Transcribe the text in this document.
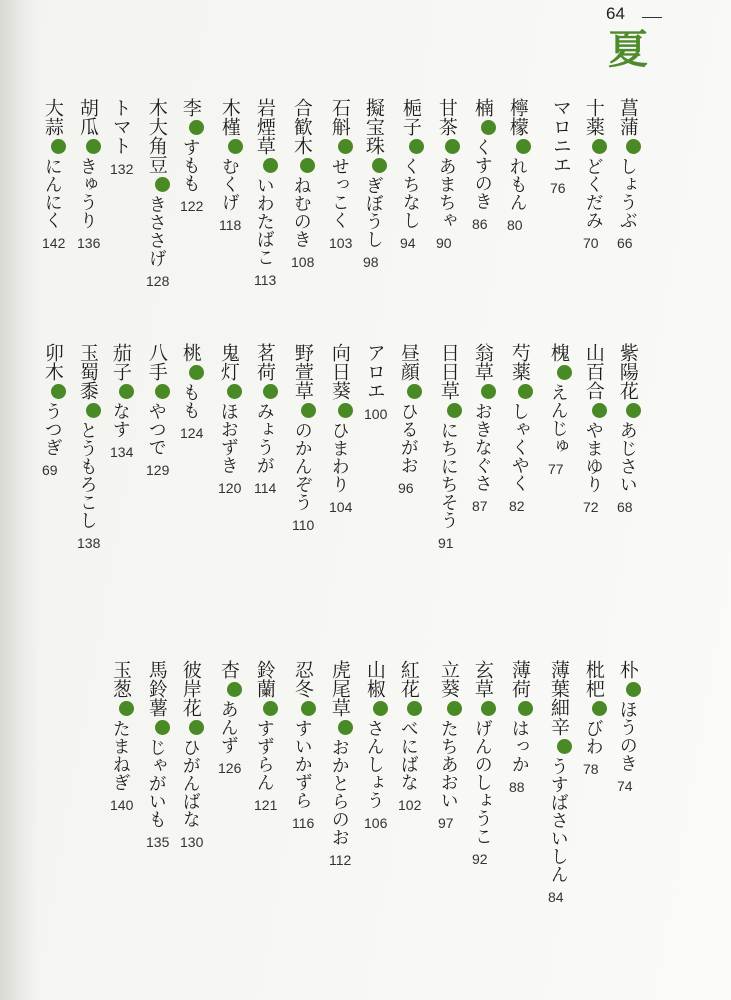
64
夏
菖蒲
しょうぶ
66
十薬
どくだみ
70
マロニエ
76
檸檬
れもん
80
楠
くすのき
86
甘茶
あまちゃ
90
梔子
くちなし
94
擬宝珠
ぎぼうし
98
石斛
せっこく
103
合歓木
ねむのき
108
岩煙草
いわたばこ
113
木槿
むくげ
118
李
すもも
122
木大角豆
きささげ
128
トマト
132
胡瓜
きゅうり
136
大蒜
にんにく
142
紫陽花
あじさい
68
山百合
やまゆり
72
槐
えんじゅ
77
芍薬
しゃくやく
82
翁草
おきなぐさ
87
日日草
にちにちそう
91
昼顔
ひるがお
96
アロエ
100
向日葵
ひまわり
104
野萱草
のかんぞう
110
茗荷
みょうが
114
鬼灯
ほおずき
120
桃
もも
124
八手
やつで
129
茄子
なす
134
玉蜀黍
とうもろこし
138
卯木
うつぎ
69
朴
ほうのき
74
枇杷
びわ
78
薄葉細辛
うすばさいしん
84
薄荷
はっか
88
玄草
げんのしょうこ
92
立葵
たちあおい
97
紅花
べにばな
102
山椒
さんしょう
106
虎尾草
おかとらのお
112
忍冬
すいかずら
116
鈴蘭
すずらん
121
杏
あんず
126
彼岸花
ひがんばな
130
馬鈴薯
じゃがいも
135
玉葱
たまねぎ
140
